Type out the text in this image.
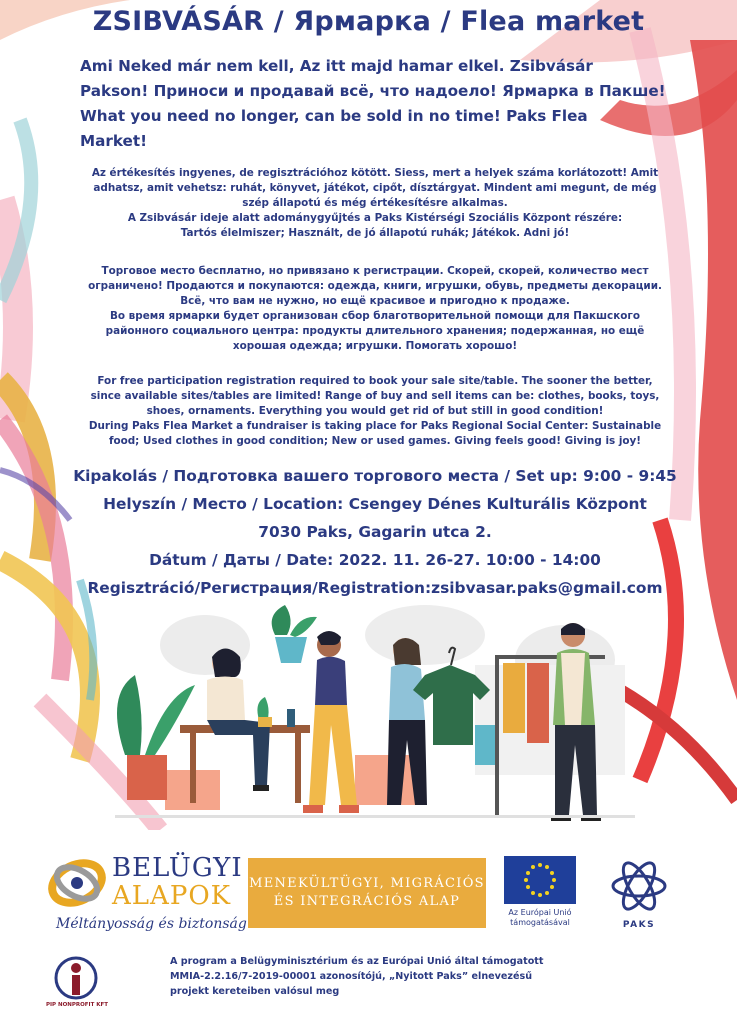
ZSIBVÁSÁR / Ярмарка / Flea market

Ami Neked már nem kell, Az itt majd hamar elkel. Zsibvásár

Pakson! Приноси и продавай всё, что надоело! Ярмарка в Пакше!

What you need no longer, can be sold in no time! Paks Flea

Market!

Az értékesítés ingyenes, de regisztrációhoz kötött. Siess, mert a helyek száma korlátozott! Amit

adhatsz, amit vehetsz: ruhát, könyvet, játékot, cipőt, dísztárgyat. Mindent ami megunt, de még

szép állapotú és még értékesítésre alkalmas.

A Zsibvásár ideje alatt adománygyűjtés a Paks Kistérségi Szociális Központ részére:

Tartós élelmiszer; Használt, de jó állapotú ruhák; Játékok. Adni jó!

Торговое место бесплатно, но привязано к регистрации. Скорей, скорей, количество мест

ограничено! Продаются и покупаются: одежда, книги, игрушки, обувь, предметы декорации.

Всё, что вам не нужно, но ещё красивое и пригодно к продаже.

Во время ярмарки будет организован сбор благотворительной помощи для Пакшского

районного социального центра: продукты длительного хранения; подержанная, но ещё

хорошая одежда; игрушки. Помогать хорошо!

For free participation registration required to book your sale site/table. The sooner the better,

since available sites/tables are limited! Range of buy and sell items can be: clothes, books, toys,

shoes, ornaments. Everything you would get rid of but still in good condition!

During Paks Flea Market a fundraiser is taking place for Paks Regional Social Center: Sustainable

food; Used clothes in good condition; New or used games. Giving feels good! Giving is joy!

Kipakolás / Подготовка вашего торгового места / Set up: 9:00 - 9:45

Helyszín / Место / Location: Csengey Dénes Kulturális Központ

7030 Paks, Gagarin utca 2.

Dátum / Даты / Date: 2022. 11. 26-27. 10:00 - 14:00

Regisztráció/Регистрация/Registration:zsibvasar.paks@gmail.com

BELÜGYI
ALAPOK
Méltányosság és biztonság
MENEKÜLTÜGYI, MIGRÁCIÓS
ÉS INTEGRÁCIÓS ALAP
Az Európai Unió
támogatásával	PAKS
PIP NONPROFIT KFT

A program a Belügyminisztérium és az Európai Unió által támogatott

MMIA-2.2.16/7-2019-00001 azonosítójú, „Nyitott Paks” elnevezésű

projekt kereteiben valósul meg
